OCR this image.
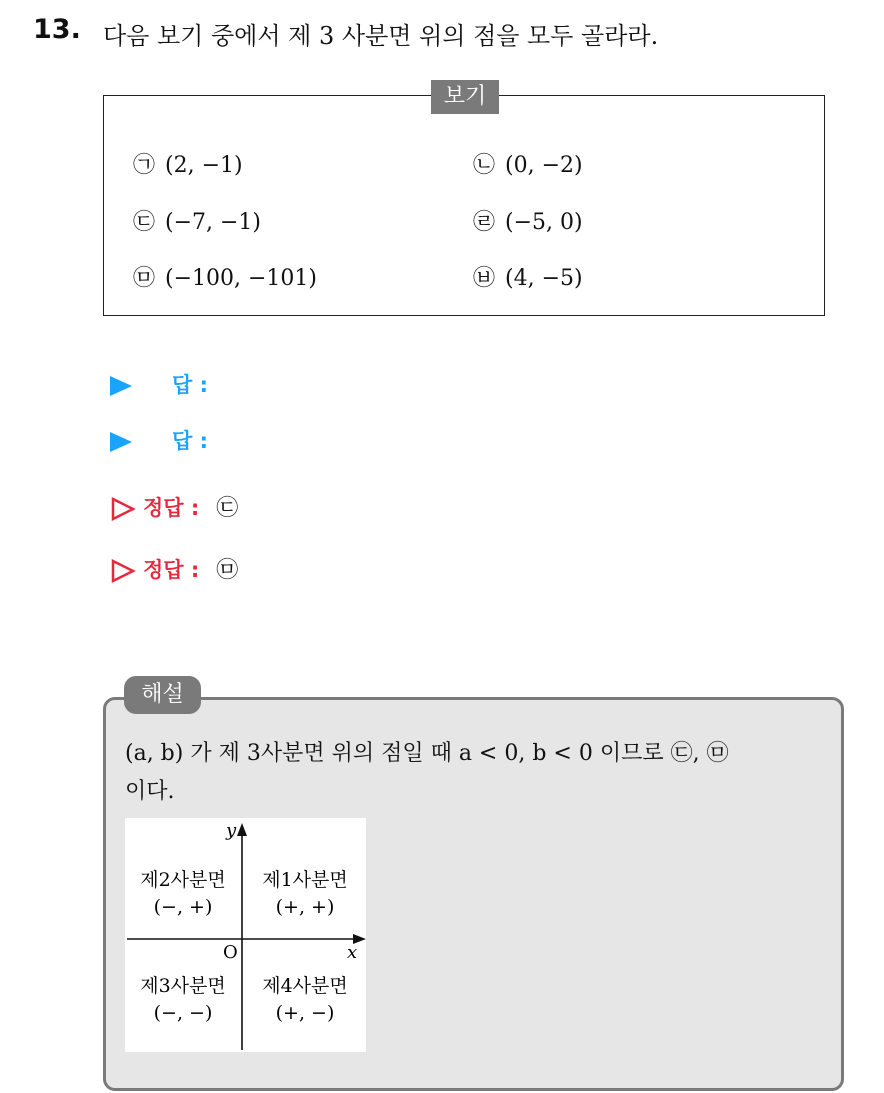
13. 다음 보기 중에서 제 3 사분면 위의 점을 모두 골라라.
보기
㉠ (2, −1)	㉡ (0, −2)
㉢ (−7, −1)	㉣ (−5, 0)
㉤ (−100, −101)	㉥ (4, −5)
답 :
답 :
정답 : ㉢
정답 : ㉤
해설
(a, b) 가 제 3사분면 위의 점일 때 a < 0, b < 0 이므로 ㉢, ㉤
이다.
y
x
O
제2사분면
(−, +)
제1사분면
(+, +)
제3사분면
(−, −)
제4사분면
(+, −)
